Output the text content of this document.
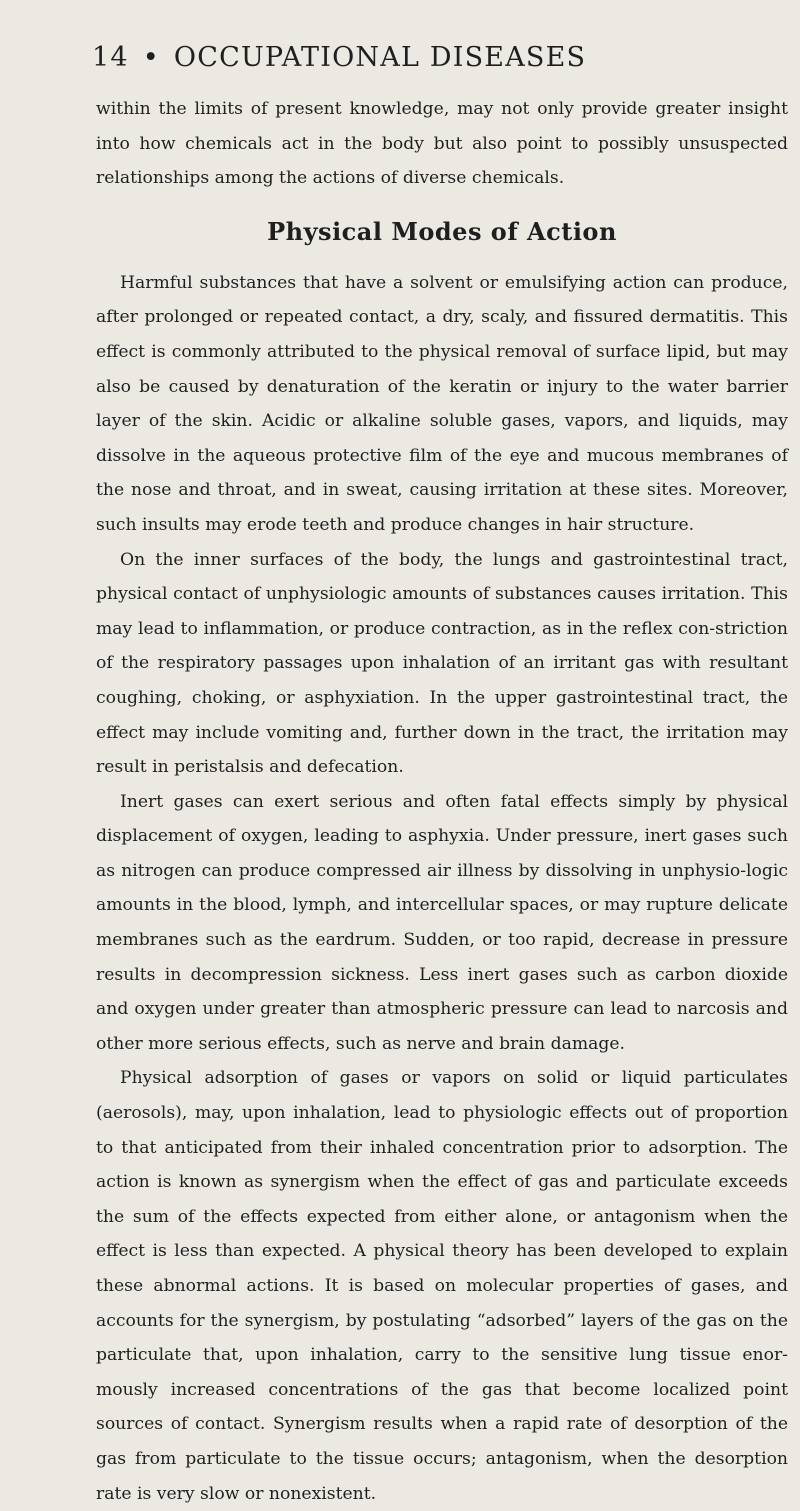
14 • OCCUPATIONAL DISEASES

within the limits of present knowledge, may not only provide greater insight into how chemicals act in the body but also point to possibly unsuspected relationships among the actions of diverse chemicals.

Physical Modes of Action

Harmful substances that have a solvent or emulsifying action can produce, after prolonged or repeated contact, a dry, scaly, and fissured dermatitis. This effect is commonly attributed to the physical removal of surface lipid, but may also be caused by denaturation of the keratin or injury to the water barrier layer of the skin. Acidic or alkaline soluble gases, vapors, and liquids, may dissolve in the aqueous protective film of the eye and mucous membranes of the nose and throat, and in sweat, causing irritation at these sites. Moreover, such insults may erode teeth and produce changes in hair structure.

On the inner surfaces of the body, the lungs and gastrointestinal tract, physical contact of unphysiologic amounts of substances causes irritation. This may lead to inflammation, or produce contraction, as in the reflex con-striction of the respiratory passages upon inhalation of an irritant gas with resultant coughing, choking, or asphyxiation. In the upper gastrointestinal tract, the effect may include vomiting and, further down in the tract, the irritation may result in peristalsis and defecation.

Inert gases can exert serious and often fatal effects simply by physical displacement of oxygen, leading to asphyxia. Under pressure, inert gases such as nitrogen can produce compressed air illness by dissolving in unphysio-logic amounts in the blood, lymph, and intercellular spaces, or may rupture delicate membranes such as the eardrum. Sudden, or too rapid, decrease in pressure results in decompression sickness. Less inert gases such as carbon dioxide and oxygen under greater than atmospheric pressure can lead to narcosis and other more serious effects, such as nerve and brain damage.

Physical adsorption of gases or vapors on solid or liquid particulates (aerosols), may, upon inhalation, lead to physiologic effects out of proportion to that anticipated from their inhaled concentration prior to adsorption. The action is known as synergism when the effect of gas and particulate exceeds the sum of the effects expected from either alone, or antagonism when the effect is less than expected. A physical theory has been developed to explain these abnormal actions. It is based on molecular properties of gases, and accounts for the synergism, by postulating “adsorbed” layers of the gas on the particulate that, upon inhalation, carry to the sensitive lung tissue enor-mously increased concentrations of the gas that become localized point sources of contact. Synergism results when a rapid rate of desorption of the gas from particulate to the tissue occurs; antagonism, when the desorption rate is very slow or nonexistent.
